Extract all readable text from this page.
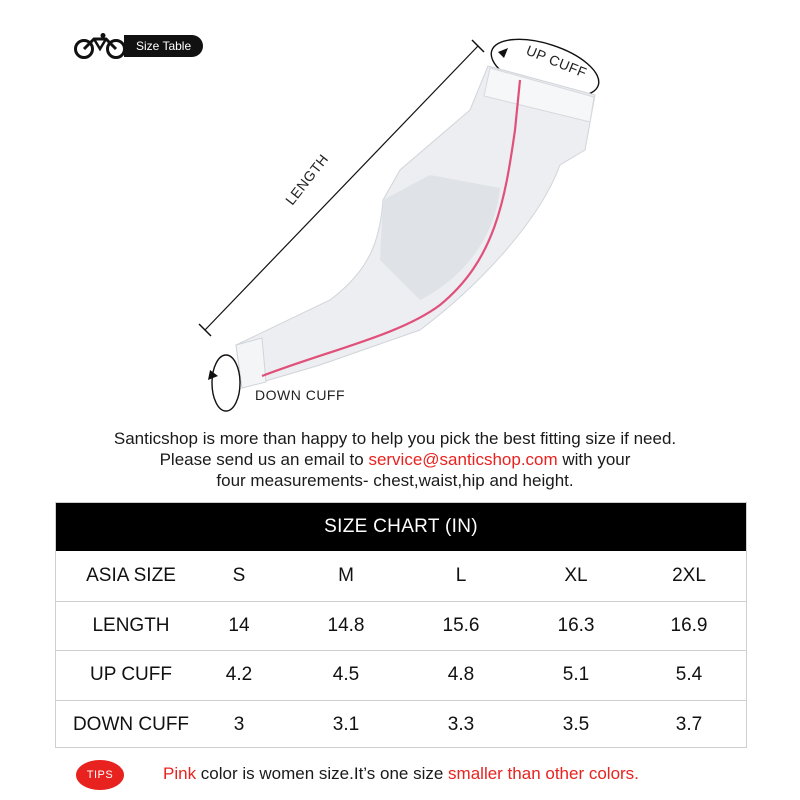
Size Table	UP CUFF
LENGTH
DOWN CUFF
Santicshop is more than happy to help you pick the best fitting size if need.
Please send us an email to service@santicshop.com with your
four measurements- chest,waist,hip and height.
SIZE CHART (IN)
ASIA SIZE	S	M	L	XL	2XL
LENGTH	14	14.8	15.6	16.3	16.9
UP CUFF	4.2	4.5	4.8	5.1	5.4
DOWN CUFF	3	3.1	3.3	3.5	3.7
TIPS	Pink color is women size.It’s one size smaller than other colors.
